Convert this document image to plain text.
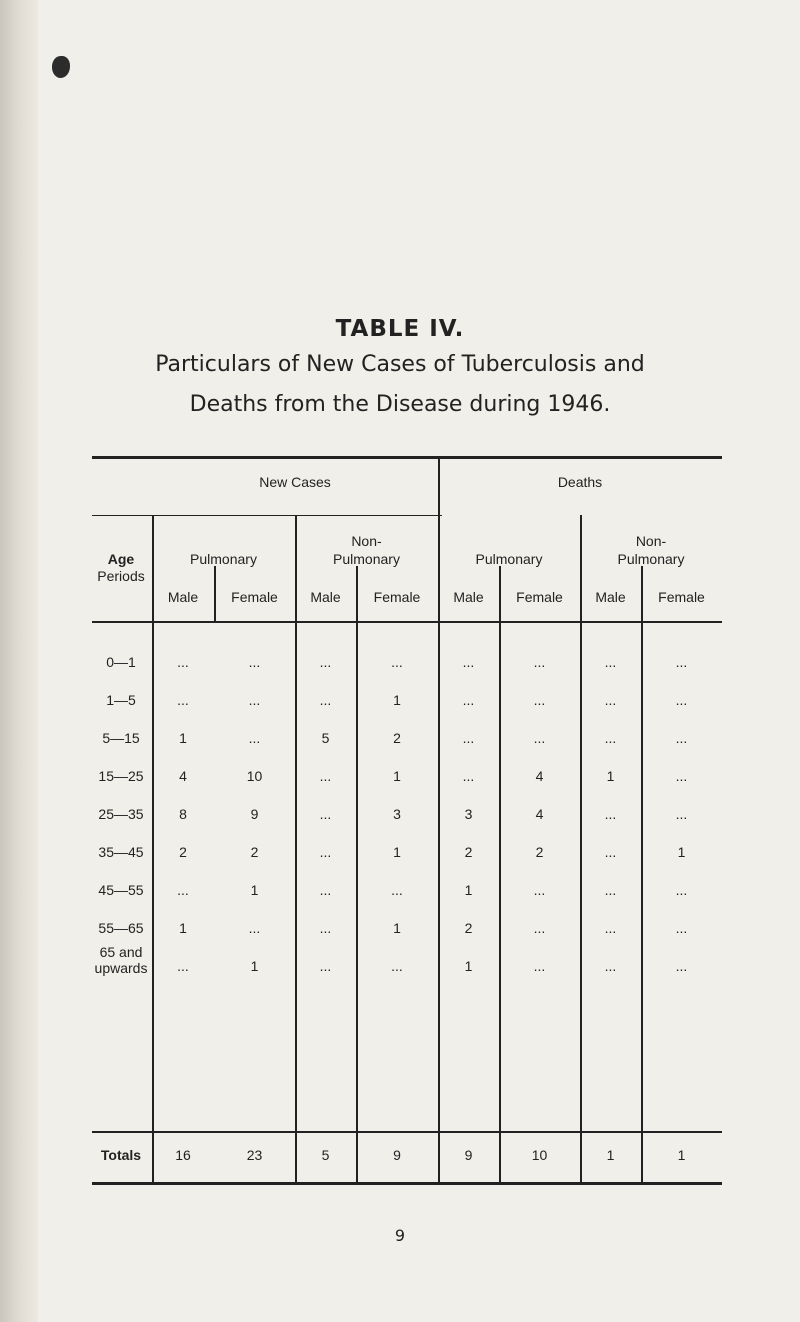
TABLE IV.
Particulars of New Cases of Tuberculosis and
Deaths from the Disease during 1946.
New Cases	Deaths
Age
Periods
Pulmonary
Non-
Pulmonary	Pulmonary
Non-
Pulmonary
Male	Female	Male	Female	Male	Female	Male	Female
0—1	...	...	...	...	...	...	...	...
1—5	...	...	...	1	...	...	...	...
5—15	1	...	5	2	...	...	...	...
15—25	4	10	...	1	...	4	1	...
25—35	8	9	...	3	3	4	...	...
35—45	2	2	...	1	2	2	...	1
45—55	...	1	...	...	1	...	...	...
55—65	1	...	...	1	2	...	...	...
65 and
upwards	...	1	...	...	1	...	...	...
Totals	16	23	5	9	9	10	1	1
9
